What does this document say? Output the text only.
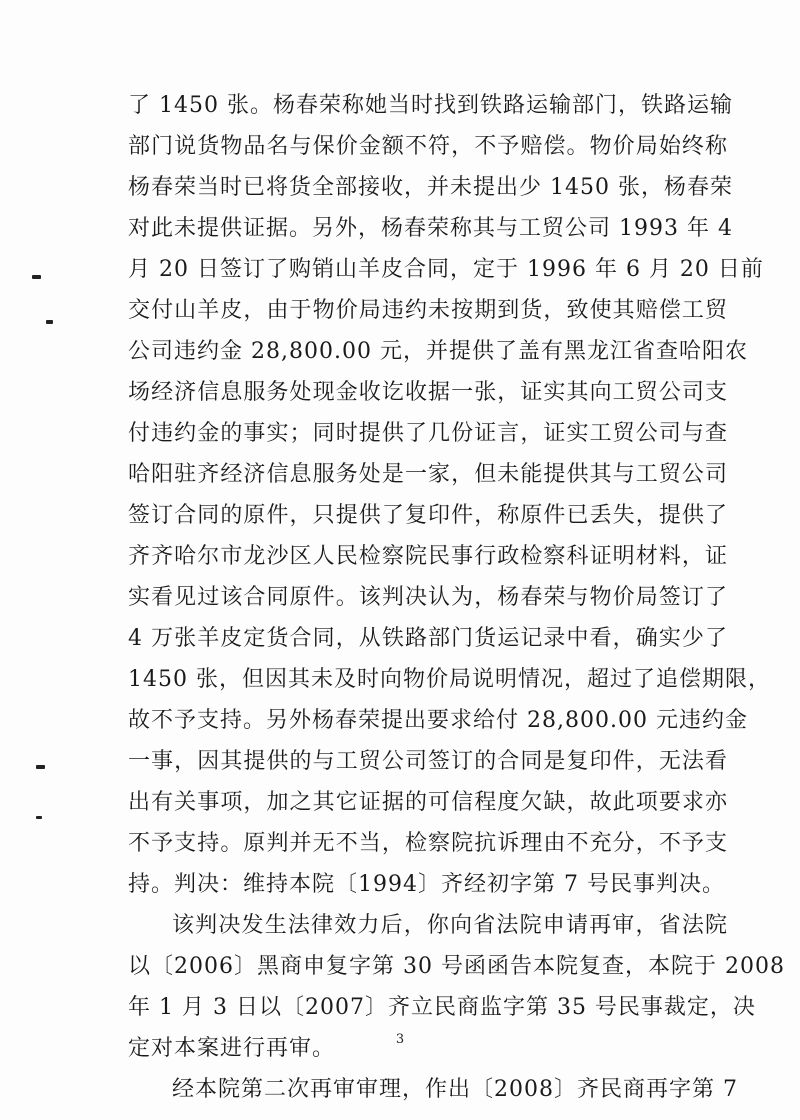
了 1450 张。杨春荣称她当时找到铁路运输部门，铁路运输
部门说货物品名与保价金额不符，不予赔偿。物价局始终称
杨春荣当时已将货全部接收，并未提出少 1450 张，杨春荣
对此未提供证据。另外，杨春荣称其与工贸公司 1993 年 4
月 20 日签订了购销山羊皮合同，定于 1996 年 6 月 20 日前
交付山羊皮，由于物价局违约未按期到货，致使其赔偿工贸
公司违约金 28,800.00 元，并提供了盖有黑龙江省查哈阳农
场经济信息服务处现金收讫收据一张，证实其向工贸公司支
付违约金的事实；同时提供了几份证言，证实工贸公司与查
哈阳驻齐经济信息服务处是一家，但未能提供其与工贸公司
签订合同的原件，只提供了复印件，称原件已丢失，提供了
齐齐哈尔市龙沙区人民检察院民事行政检察科证明材料，证
实看见过该合同原件。该判决认为，杨春荣与物价局签订了
4 万张羊皮定货合同，从铁路部门货运记录中看，确实少了
1450 张，但因其未及时向物价局说明情况，超过了追偿期限，
故不予支持。另外杨春荣提出要求给付 28,800.00 元违约金
一事，因其提供的与工贸公司签订的合同是复印件，无法看
出有关事项，加之其它证据的可信程度欠缺，故此项要求亦
不予支持。原判并无不当，检察院抗诉理由不充分，不予支
持。判决：维持本院〔1994〕齐经初字第 7 号民事判决。
该判决发生法律效力后，你向省法院申请再审，省法院
以〔2006〕黑商申复字第 30 号函函告本院复查，本院于 2008
年 1 月 3 日以〔2007〕齐立民商监字第 35 号民事裁定，决
定对本案进行再审。
经本院第二次再审审理，作出〔2008〕齐民商再字第 7
3
